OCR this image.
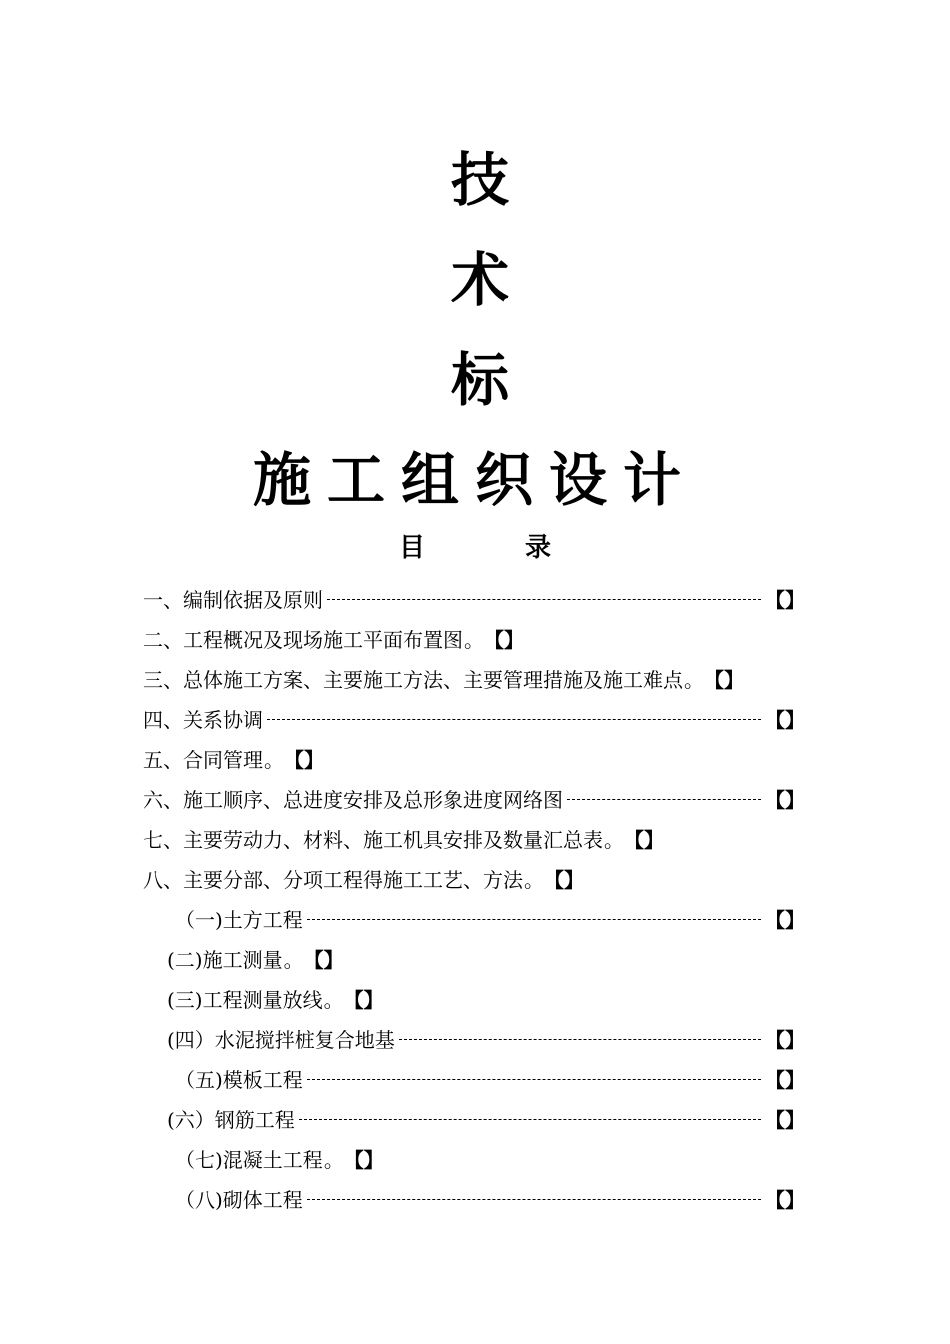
技
术
标
施工组织设计
目	录
一、编制依据及原则	【】
二、工程概况及现场施工平面布置图 。 【】
三、总体施工方案、主要施工方法、主要管理措施及施工难点 。 【】
四、关系协调	【】
五、合同管理 。 【】
六、施工顺序、总进度安排及总形象进度网络图	【】
七、主要劳动力、材料、施工机具安排及数量汇总表 。 【】
八、主要分部、分项工程得施工工艺、方法 。 【】
（一)土方工程	【】
(二)施工测量 。 【】
(三)工程测量放线 。 【】
(四）水泥搅拌桩复合地基	【】
（五)模板工程	【】
(六）钢筋工程	【】
（七)混凝土工程 。 【】
（八)砌体工程	【】
